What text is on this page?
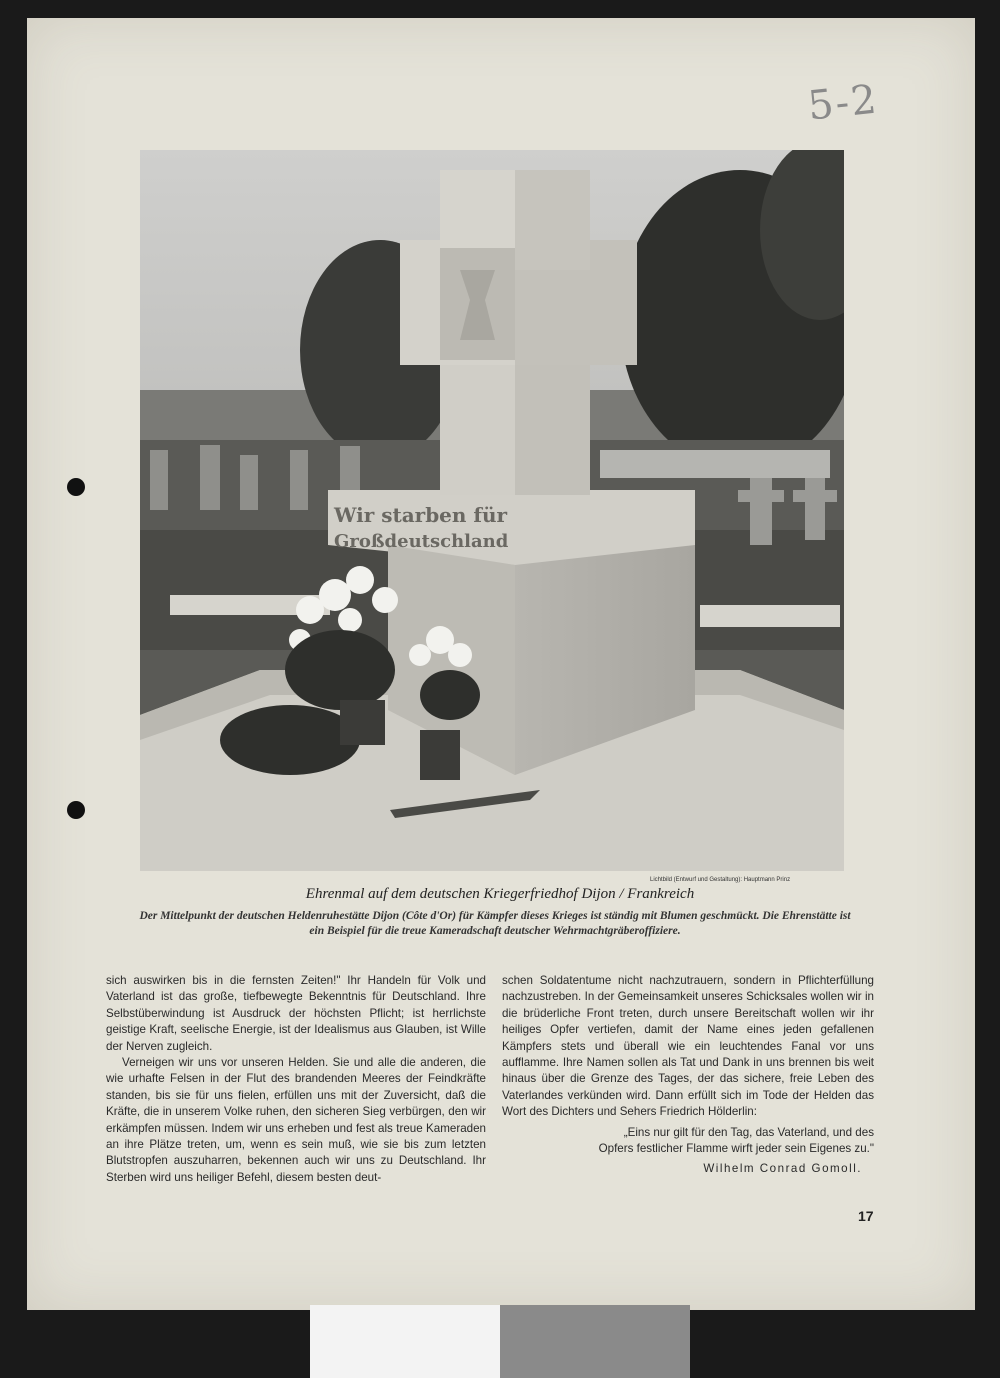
5-2
Wir starben für
Großdeutschland
Lichtbild (Entwurf und Gestaltung): Hauptmann Prinz
Ehrenmal auf dem deutschen Kriegerfriedhof Dijon / Frankreich
Der Mittelpunkt der deutschen Heldenruhestätte Dijon (Côte d'Or) für Kämpfer dieses Krieges ist ständig mit Blumen geschmückt. Die Ehrenstätte ist ein Beispiel für die treue Kameradschaft deutscher Wehrmachtgräberoffiziere.

sich auswirken bis in die fernsten Zeiten!" Ihr Handeln für Volk und Vaterland ist das große, tiefbewegte Bekenntnis für Deutschland. Ihre Selbstüberwindung ist Ausdruck der höchsten Pflicht; ist herrlichste geistige Kraft, seelische Energie, ist der Idealismus aus Glauben, ist Wille der Nerven zugleich.

Verneigen wir uns vor unseren Helden. Sie und alle die anderen, die wie urhafte Felsen in der Flut des brandenden Meeres der Feindkräfte standen, bis sie für uns fielen, erfüllen uns mit der Zuversicht, daß die Kräfte, die in unserem Volke ruhen, den sicheren Sieg verbürgen, den wir erkämpfen müssen. Indem wir uns erheben und fest als treue Kameraden an ihre Plätze treten, um, wenn es sein muß, wie sie bis zum letzten Blutstropfen auszuharren, bekennen auch wir uns zu Deutschland. Ihr Sterben wird uns heiliger Befehl, diesem besten deut-

schen Soldatentume nicht nachzutrauern, sondern in Pflichterfüllung nachzustreben. In der Gemeinsamkeit unseres Schicksales wollen wir in die brüderliche Front treten, durch unsere Bereitschaft wollen wir ihr heiliges Opfer vertiefen, damit der Name eines jeden gefallenen Kämpfers stets und überall wie ein leuchtendes Fanal vor uns aufflamme. Ihre Namen sollen als Tat und Dank in uns brennen bis weit hinaus über die Grenze des Tages, der das sichere, freie Leben des Vaterlandes verkünden wird. Dann erfüllt sich im Tode der Helden das Wort des Dichters und Sehers Friedrich Hölderlin:

„Eins nur gilt für den Tag, das Vaterland, und des
Opfers festlicher Flamme wirft jeder sein Eigenes zu."
Wilhelm Conrad Gomoll.
17
